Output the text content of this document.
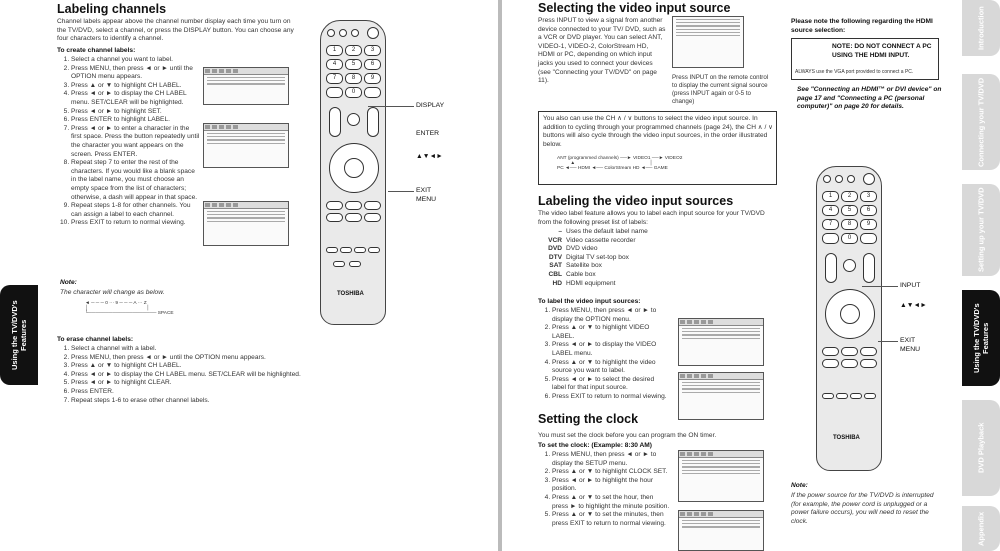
Labeling channels
Channel labels appear above the channel number display each time you turn on the TV/DVD, select a channel, or press the DISPLAY button. You can choose any four characters to identify a channel.
To create channel labels:
1. Select a channel you want to label.
2. Press MENU, then press ◄ or ► until the OPTION menu appears.
3. Press ▲ or ▼ to highlight CH LABEL.
4. Press ◄ or ► to display the CH LABEL menu. SET/CLEAR will be highlighted.
5. Press ◄ or ► to highlight SET.
6. Press ENTER to highlight LABEL.
7. Press ◄ or ► to enter a character in the first space. Press the button repeatedly until the character you want appears on the screen. Press ENTER.
8. Repeat step 7 to enter the rest of the characters. If you would like a blank space in the label name, you must choose an empty space from the list of characters; otherwise, a dash will appear in that space.
9. Repeat steps 1-8 for other channels. You can assign a label to each channel.
10. Press EXIT to return to normal viewing.
Note:
The character will change as below.
◄ ─ ─ ─ 0 ··· 9 ─ ─ ─ A ··· Z
│                                            │
└──────────────────── SPACE
To erase channel labels:
1. Select a channel with a label.
2. Press MENU, then press ◄ or ► until the OPTION menu appears.
3. Press ▲ or ▼ to highlight CH LABEL.
4. Press ◄ or ► to display the CH LABEL menu. SET/CLEAR will be highlighted.
5. Press ◄ or ► to highlight CLEAR.
6. Press ENTER.
7. Repeat steps 1-6 to erase other channel labels.
Using the TV/DVD's Features
1	2	3
4	5	6
7	8	9
0
TOSHIBA
DISPLAY
ENTER
▲▼◄►
EXIT
MENU
Selecting the video input source
Press INPUT to view a signal from another device connected to your TV/ DVD, such as a VCR or DVD player. You can select ANT, VIDEO-1, VIDEO-2, ColorStream HD, HDMI or PC, depending on which input jacks you used to connect your devices (see "Connecting your TV/DVD" on page 11).	Press INPUT on the remote control to display the current signal source (press INPUT again or 0-5 to change)
Please note the following regarding the HDMI source selection:
NOTE: DO NOT CONNECT A PC USING THE HDMI INPUT.
ALWAYS use the VGA port provided to connect a PC.
See "Connecting an HDMI™ or DVI device" on page 17 and "Connecting a PC (personal computer)" on page 20 for details.
You also can use the CH ∧ / ∨ buttons to select the video input source. In addition to cycling through your programmed channels (page 24), the CH ∧ / ∨ buttons will also cycle through the video input sources, in the order illustrated below.
ANT (programmed channels) ──► VIDEO1 ──► VIDEO2
▲                                                        │
PC ◄── HDMI ◄── ColorStream HD ◄── GAME
Labeling the video input sources
The video label feature allows you to label each input source for your TV/DVD from the following preset list of labels:
– Uses the default label name
VCR Video cassette recorder
DVD DVD video
DTV Digital TV set-top box
SAT Satellite box
CBL Cable box
HD HDMI equipment
To label the video input sources:
1. Press MENU, then press ◄ or ► to display the OPTION menu.
2. Press ▲ or ▼ to highlight VIDEO LABEL.
3. Press ◄ or ► to display the VIDEO LABEL menu.
4. Press ▲ or ▼ to highlight the video source you want to label.
5. Press ◄ or ► to select the desired label for that input source.
6. Press EXIT to return to normal viewing.
Setting the clock
You must set the clock before you can program the ON timer.
To set the clock: (Example: 8:30 AM)
1. Press MENU, then press ◄ or ► to display the SETUP menu.
2. Press ▲ or ▼ to highlight CLOCK SET.
3. Press ◄ or ► to highlight the hour position.
4. Press ▲ or ▼ to set the hour, then press ► to highlight the minute position.
5. Press ▲ or ▼ to set the minutes, then press EXIT to return to normal viewing.
1	2	3
4	5	6
7	8	9
0
TOSHIBA
INPUT
▲▼◄►
EXIT
MENU
Note:
If the power source for the TV/DVD is interrupted (for example, the power cord is unplugged or a power failure occurs), you will need to reset the clock.
Introduction
Connecting your TV/DVD
Setting up your TV/DVD
Using the TV/DVD's Features
DVD Playback
Appendix
